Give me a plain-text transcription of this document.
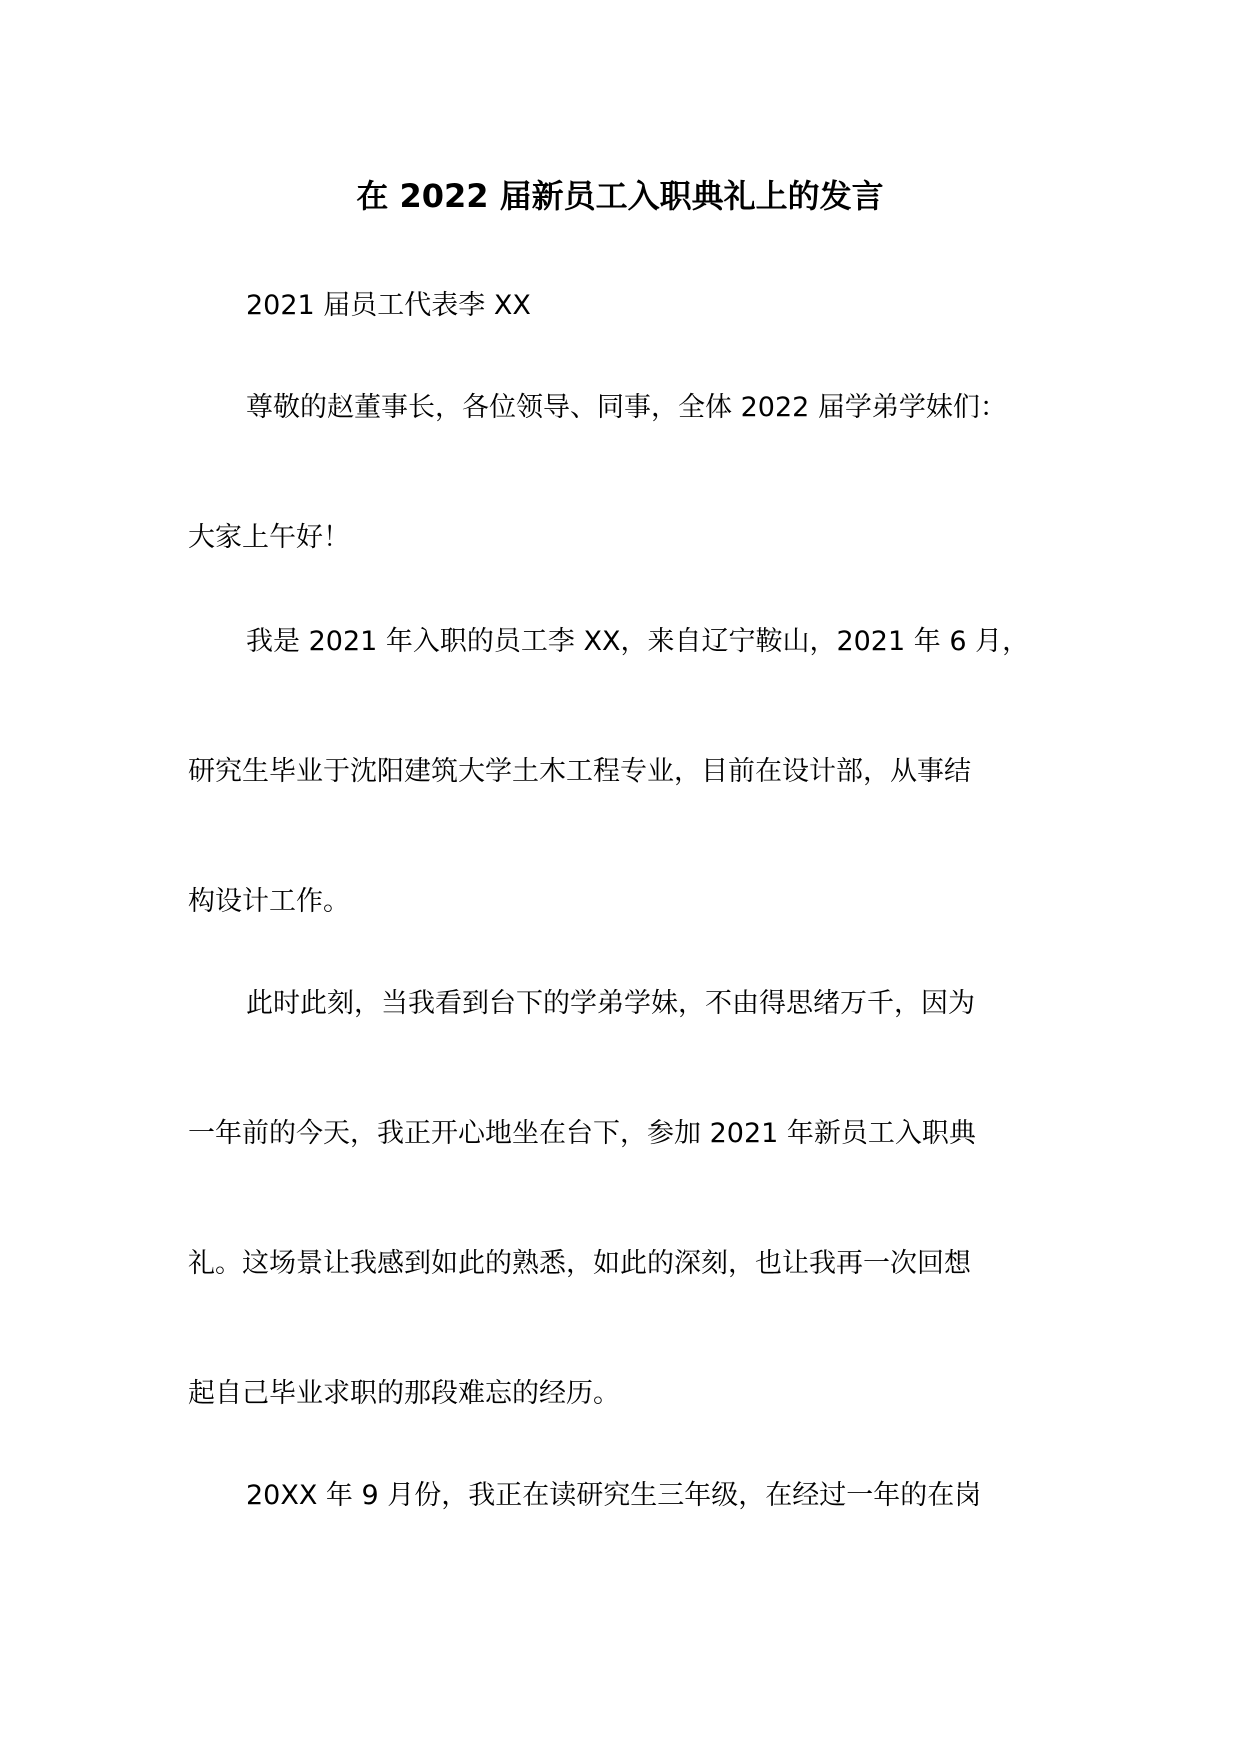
在 2022 届新员工入职典礼上的发言
2021 届员工代表李 XX
尊敬的赵董事长，各位领导、同事，全体 2022 届学弟学妹们：
大家上午好！
我是 2021 年入职的员工李 XX，来自辽宁鞍山，2021 年 6 月，
研究生毕业于沈阳建筑大学土木工程专业，目前在设计部，从事结
构设计工作。
此时此刻，当我看到台下的学弟学妹，不由得思绪万千，因为
一年前的今天，我正开心地坐在台下，参加 2021 年新员工入职典
礼。这场景让我感到如此的熟悉，如此的深刻，也让我再一次回想
起自己毕业求职的那段难忘的经历。
20XX 年 9 月份，我正在读研究生三年级，在经过一年的在岗
